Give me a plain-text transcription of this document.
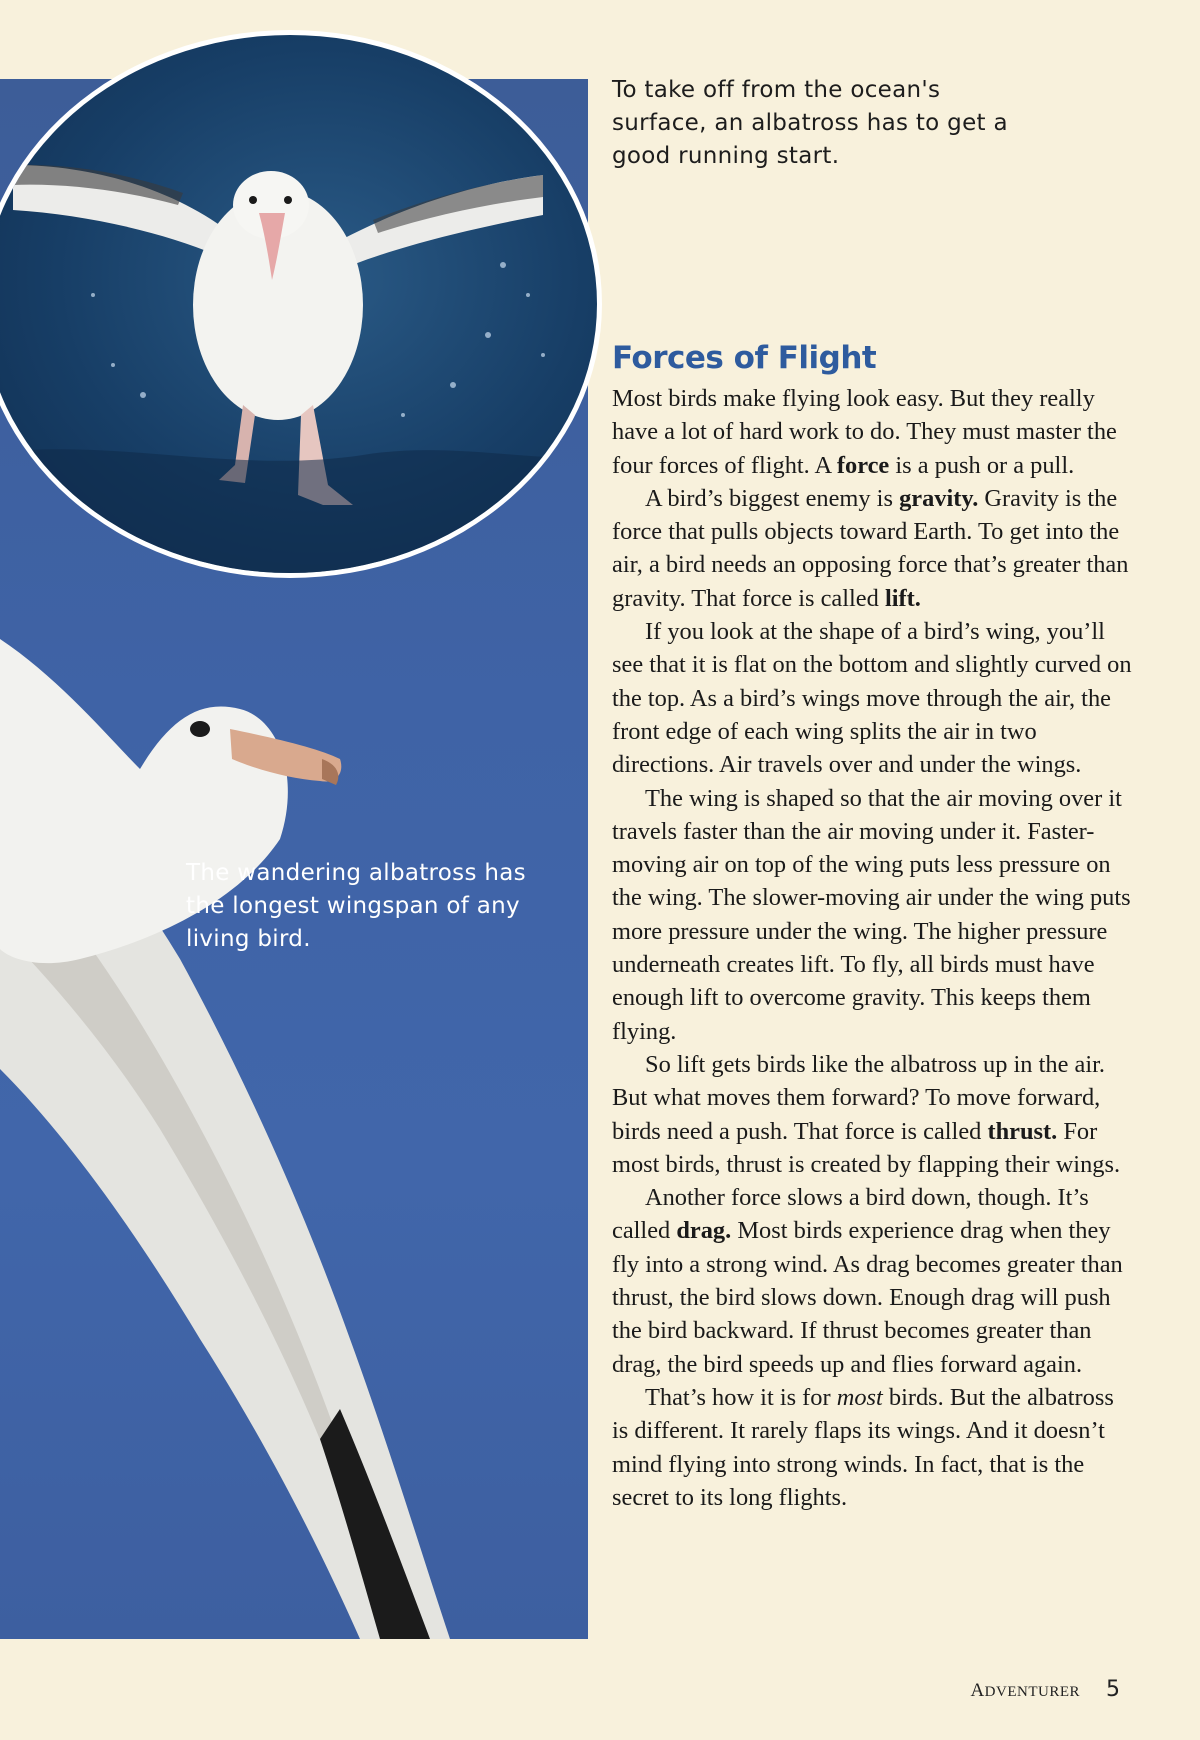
To take off from the ocean's surface, an albatross has to get a good running start.
The wandering albatross has the longest wingspan of any living bird.
Forces of Flight

Most birds make flying look easy. But they really have a lot of hard work to do. They must master the four forces of flight. A force is a push or a pull.

A bird’s biggest enemy is gravity. Gravity is the force that pulls objects toward Earth. To get into the air, a bird needs an opposing force that’s greater than gravity. That force is called lift.

If you look at the shape of a bird’s wing, you’ll see that it is flat on the bottom and slightly curved on the top. As a bird’s wings move through the air, the front edge of each wing splits the air in two directions. Air travels over and under the wings.

The wing is shaped so that the air moving over it travels faster than the air moving under it. Faster-moving air on top of the wing puts less pressure on the wing. The slower-moving air under the wing puts more pressure under the wing. The higher pressure underneath creates lift. To fly, all birds must have enough lift to overcome gravity. This keeps them flying.

So lift gets birds like the albatross up in the air. But what moves them forward? To move forward, birds need a push. That force is called thrust. For most birds, thrust is created by flapping their wings.

Another force slows a bird down, though. It’s called drag. Most birds experience drag when they fly into a strong wind. As drag becomes greater than thrust, the bird slows down. Enough drag will push the bird backward. If thrust becomes greater than drag, the bird speeds up and flies forward again.

That’s how it is for most birds. But the albatross is different. It rarely flaps its wings. And it doesn’t mind flying into strong winds. In fact, that is the secret to its long flights.

ADVENTURER 5
